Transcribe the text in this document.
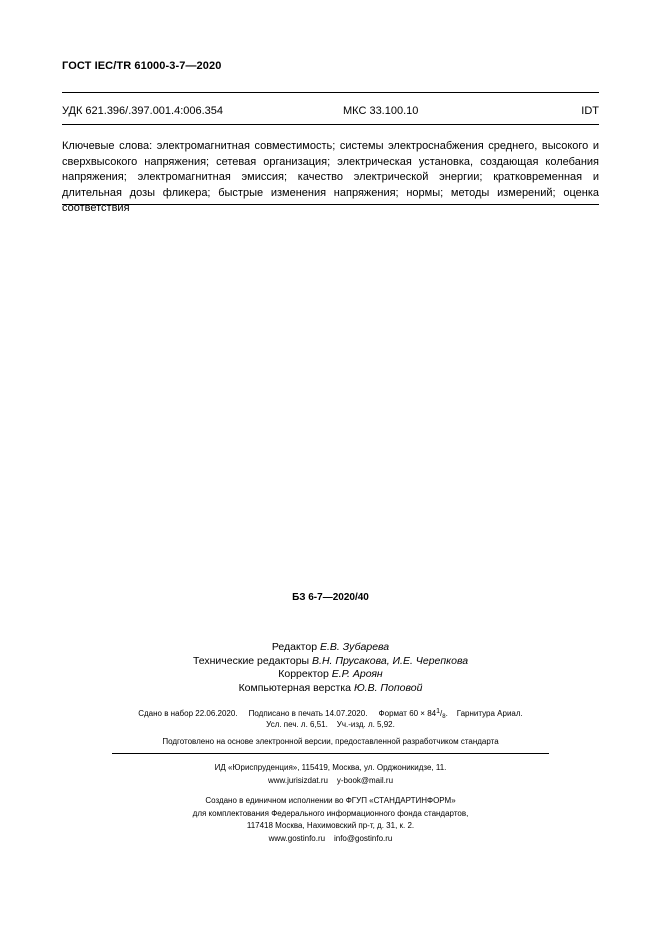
ГОСТ IEC/TR 61000-3-7—2020
УДК 621.396/.397.001.4:006.354	МКС 33.100.10	IDT
Ключевые слова: электромагнитная совместимость; системы электроснабжения среднего, высокого и сверхвысокого напряжения; сетевая организация; электрическая установка, создающая колебания напряжения; электромагнитная эмиссия; качество электрической энергии; кратковременная и длительная дозы фликера; быстрые изменения напряжения; нормы; методы измерений; оценка соответствия
БЗ 6-7—2020/40
Редактор Е.В. Зубарева
Технические редакторы В.Н. Прусакова, И.Е. Черепкова
Корректор Е.Р. Ароян
Компьютерная верстка Ю.В. Поповой
Сдано в набор 22.06.2020. Подписано в печать 14.07.2020. Формат $60 \times 84^1/_8$.    Гарнитура Ариал.
Усл. печ. л. 6,51. Уч.-изд. л. 5,92.
Подготовлено на основе электронной версии, предоставленной разработчиком стандарта
ИД «Юриспруденция», 115419, Москва, ул. Орджоникидзе, 11.
www.jurisizdat.ru y-book@mail.ru
Создано в единичном исполнении во ФГУП «СТАНДАРТИНФОРМ»
для комплектования Федерального информационного фонда стандартов,
117418 Москва, Нахимовский пр-т, д. 31, к. 2.
www.gostinfo.ru info@gostinfo.ru
